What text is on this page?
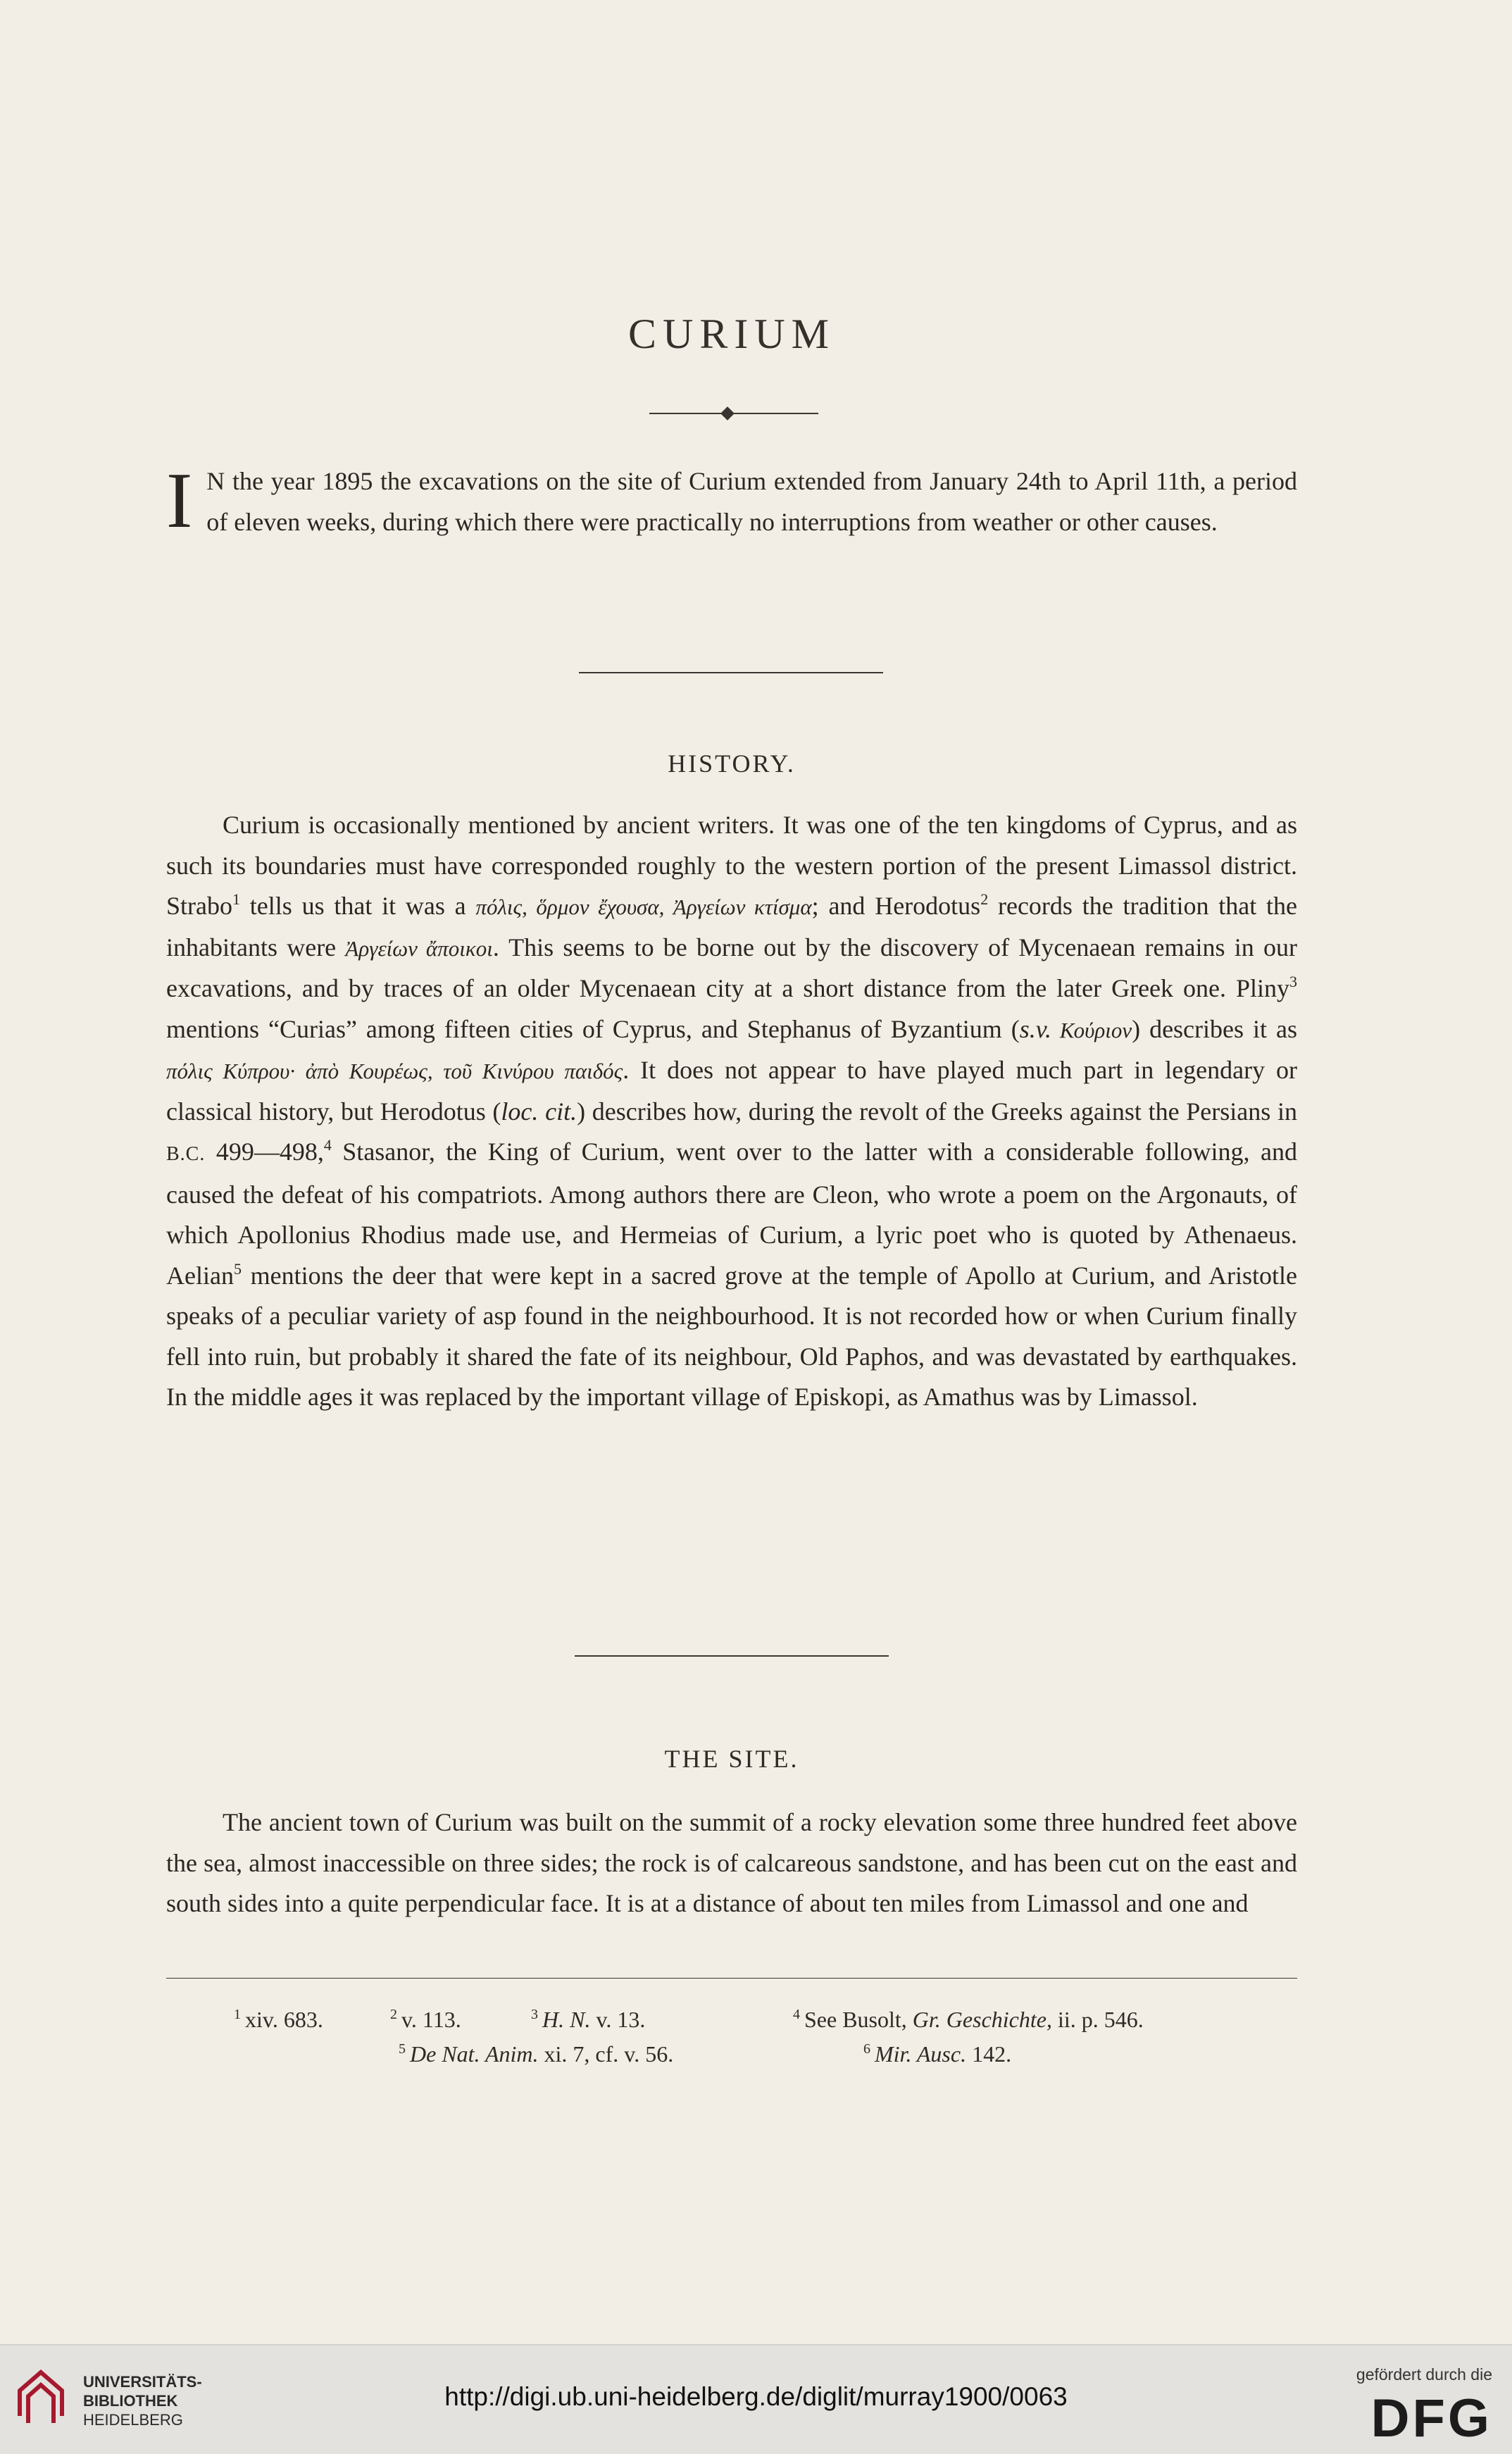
CURIUM
I N the year 1895 the excavations on the site of Curium extended from January 24th to April 11th, a period of eleven weeks, during which there were practically no interruptions from weather or other causes.

HISTORY.

Curium is occasionally mentioned by ancient writers. It was one of the ten kingdoms of Cyprus, and as such its boundaries must have corresponded roughly to the western portion of the present Limassol district. Strabo$^1$ tells us that it was a πόλις, ὅρμον ἔχουσα, Ἀργείων κτίσμα; and Herodotus$^2$ records the tradition that the inhabitants were Ἀργείων ἄποικοι. This seems to be borne out by the discovery of Mycenaean remains in our excavations, and by traces of an older Mycenaean city at a short distance from the later Greek one. Pliny$^3$ mentions “Curias” among fifteen cities of Cyprus, and Stephanus of Byzantium (s.v. Κούριον) describes it as πόλις Κύπρου· ἀπὸ Κουρέως, τοῦ Κινύρου παιδός. It does not appear to have played much part in legendary or classical history, but Herodotus (loc. cit.) describes how, during the revolt of the Greeks against the Persians in B.C. 499—498,$^4$ Stasanor, the King of Curium, went over to the latter with a considerable following, and caused the defeat of his compatriots. Among authors there are Cleon, who wrote a poem on the Argonauts, of which Apollonius Rhodius made use, and Hermeias of Curium, a lyric poet who is quoted by Athenaeus. Aelian$^5$ mentions the deer that were kept in a sacred grove at the temple of Apollo at Curium, and Aristotle speaks of a peculiar variety of asp found in the neighbourhood. It is not recorded how or when Curium finally fell into ruin, but probably it shared the fate of its neighbour, Old Paphos, and was devastated by earthquakes. In the middle ages it was replaced by the important village of Episkopi, as Amathus was by Limassol.

THE SITE.

The ancient town of Curium was built on the summit of a rocky elevation some three hundred feet above the sea, almost inaccessible on three sides; the rock is of calcareous sandstone, and has been cut on the east and south sides into a quite perpendicular face. It is at a distance of about ten miles from Limassol and one and

$^1$ xiv. 683.	$^2$ v. 113.	$^3$ H. N. v. 13.	$^4$ See Busolt, Gr. Geschichte, ii. p. 546.
$^5$ De Nat. Anim. xi. 7, cf. v. 56.	$^6$ Mir. Ausc. 142.
UNIVERSITÄTS-
BIBLIOTHEK
HEIDELBERG
http://digi.ub.uni-heidelberg.de/diglit/murray1900/0063
gefördert durch die
DFG
